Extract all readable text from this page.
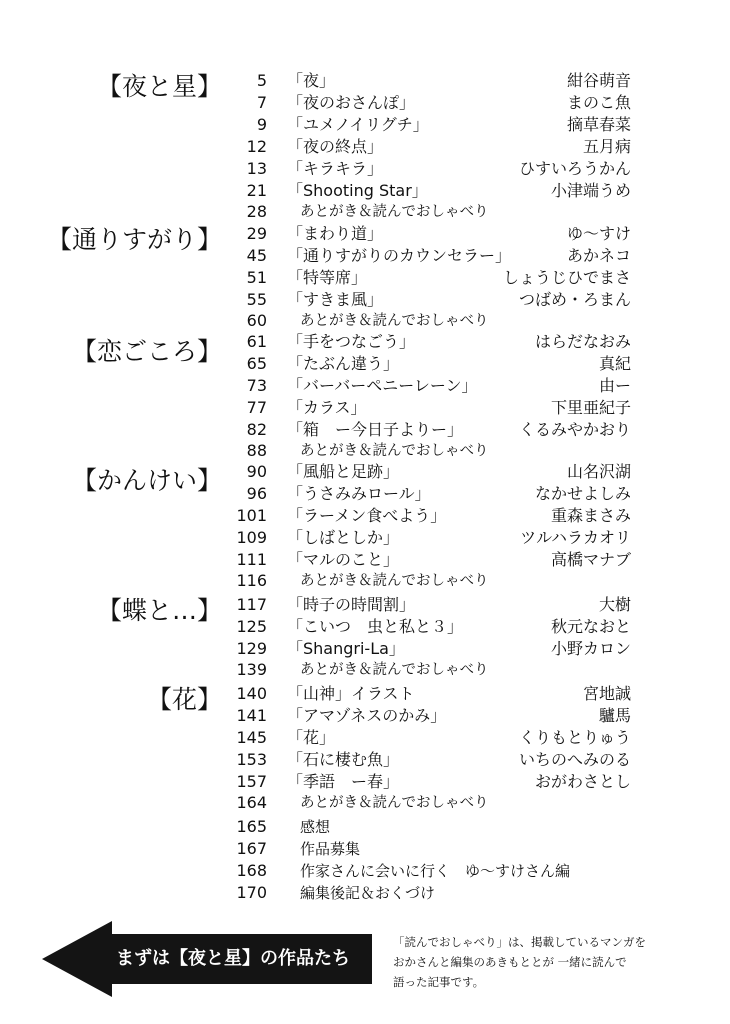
【夜と星】
【通りすがり】
【恋ごころ】
【かんけい】
【蝶と…】
【花】
5 「夜」	紺谷萌音
7 「夜のおさんぽ」	まのこ魚
9 「ユメノイリグチ」	摘草春菜
12 「夜の終点」	五月病
13 「キラキラ」	ひすいろうかん
21 「Shooting Star」	小津端うめ
28 あとがき＆読んでおしゃべり
29 「まわり道」	ゆ～すけ
45 「通りすがりのカウンセラー」	あかネコ
51 「特等席」	しょうじひでまさ
55 「すきま風」	つばめ・ろまん
60 あとがき＆読んでおしゃべり
61 「手をつなごう」	はらだなおみ
65 「たぶん違う」	真紀
73 「バーバーペニーレーン」	由ー
77 「カラス」	下里亜紀子
82 「箱　ー今日子よりー」	くるみやかおり
88 あとがき＆読んでおしゃべり
90 「風船と足跡」	山名沢湖
96 「うさみみロール」	なかせよしみ
101 「ラーメン食べよう」	重森まさみ
109 「しばとしか」	ツルハラカオリ
111 「マルのこと」	高橋マナブ
116 あとがき＆読んでおしゃべり
117 「時子の時間割」	大樹
125 「こいつ　虫と私と３」	秋元なおと
129 「Shangri-La」	小野カロン
139 あとがき＆読んでおしゃべり
140 「山神」イラスト	宮地誠
141 「アマゾネスのかみ」	驢馬
145 「花」	くりもとりゅう
153 「石に棲む魚」	いちのへみのる
157 「季語　ー春」	おがわさとし
164 あとがき＆読んでおしゃべり
165 感想
167 作品募集
168 作家さんに会いに行く　ゆ～すけさん編
170 編集後記＆おくづけ
まずは【夜と星】の作品たち
「読んでおしゃべり」は、掲載しているマンガを
おかさんと編集のあきもととが 一緒に読んで
語った記事です。
